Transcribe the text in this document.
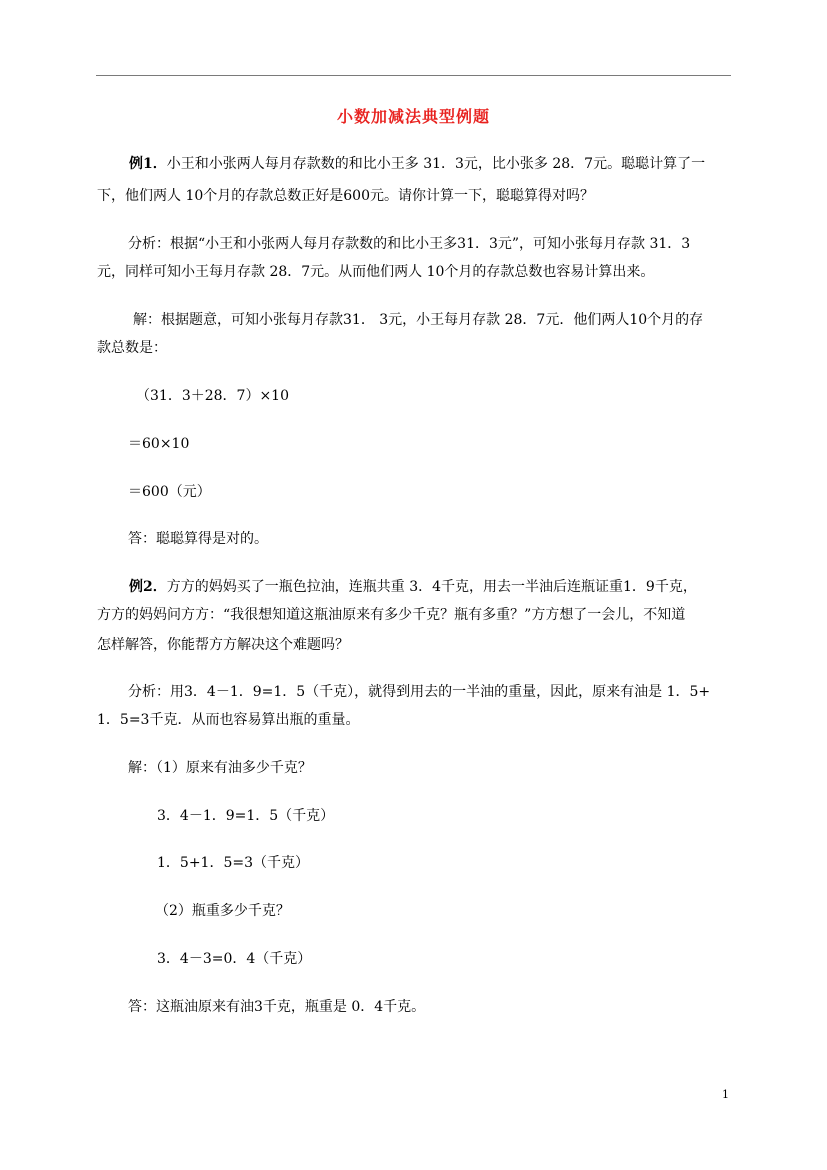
小数加减法典型例题
例1．小王和小张两人每月存款数的和比小王多 31．3元，比小张多 28．7元。聪聪计算了一
下，他们两人 10个月的存款总数正好是600元。请你计算一下，聪聪算得对吗？
分析：根据“小王和小张两人每月存款数的和比小王多31．3元”，可知小张每月存款 31．3
元，同样可知小王每月存款 28．7元。从而他们两人 10个月的存款总数也容易计算出来。
解：根据题意，可知小张每月存款31． 3元，小王每月存款 28．7元．他们两人10个月的存
款总数是：
（31．3＋28．7）×10
＝60×10
＝600（元）
答：聪聪算得是对的。
例2．方方的妈妈买了一瓶色拉油，连瓶共重 3．4千克，用去一半油后连瓶证重1．9千克，
方方的妈妈问方方：“我很想知道这瓶油原来有多少千克？瓶有多重？”方方想了一会儿，不知道
怎样解答，你能帮方方解决这个难题吗？
分析：用3．4－1．9=1．5（千克），就得到用去的一半油的重量，因此，原来有油是 1．5+
1．5=3千克．从而也容易算出瓶的重量。
解：（1）原来有油多少千克？
3．4－1．9=1．5（千克）
1．5+1．5=3（千克）
（2）瓶重多少千克？
3．4－3=0．4（千克）
答：这瓶油原来有油3千克，瓶重是 0．4千克。
1
